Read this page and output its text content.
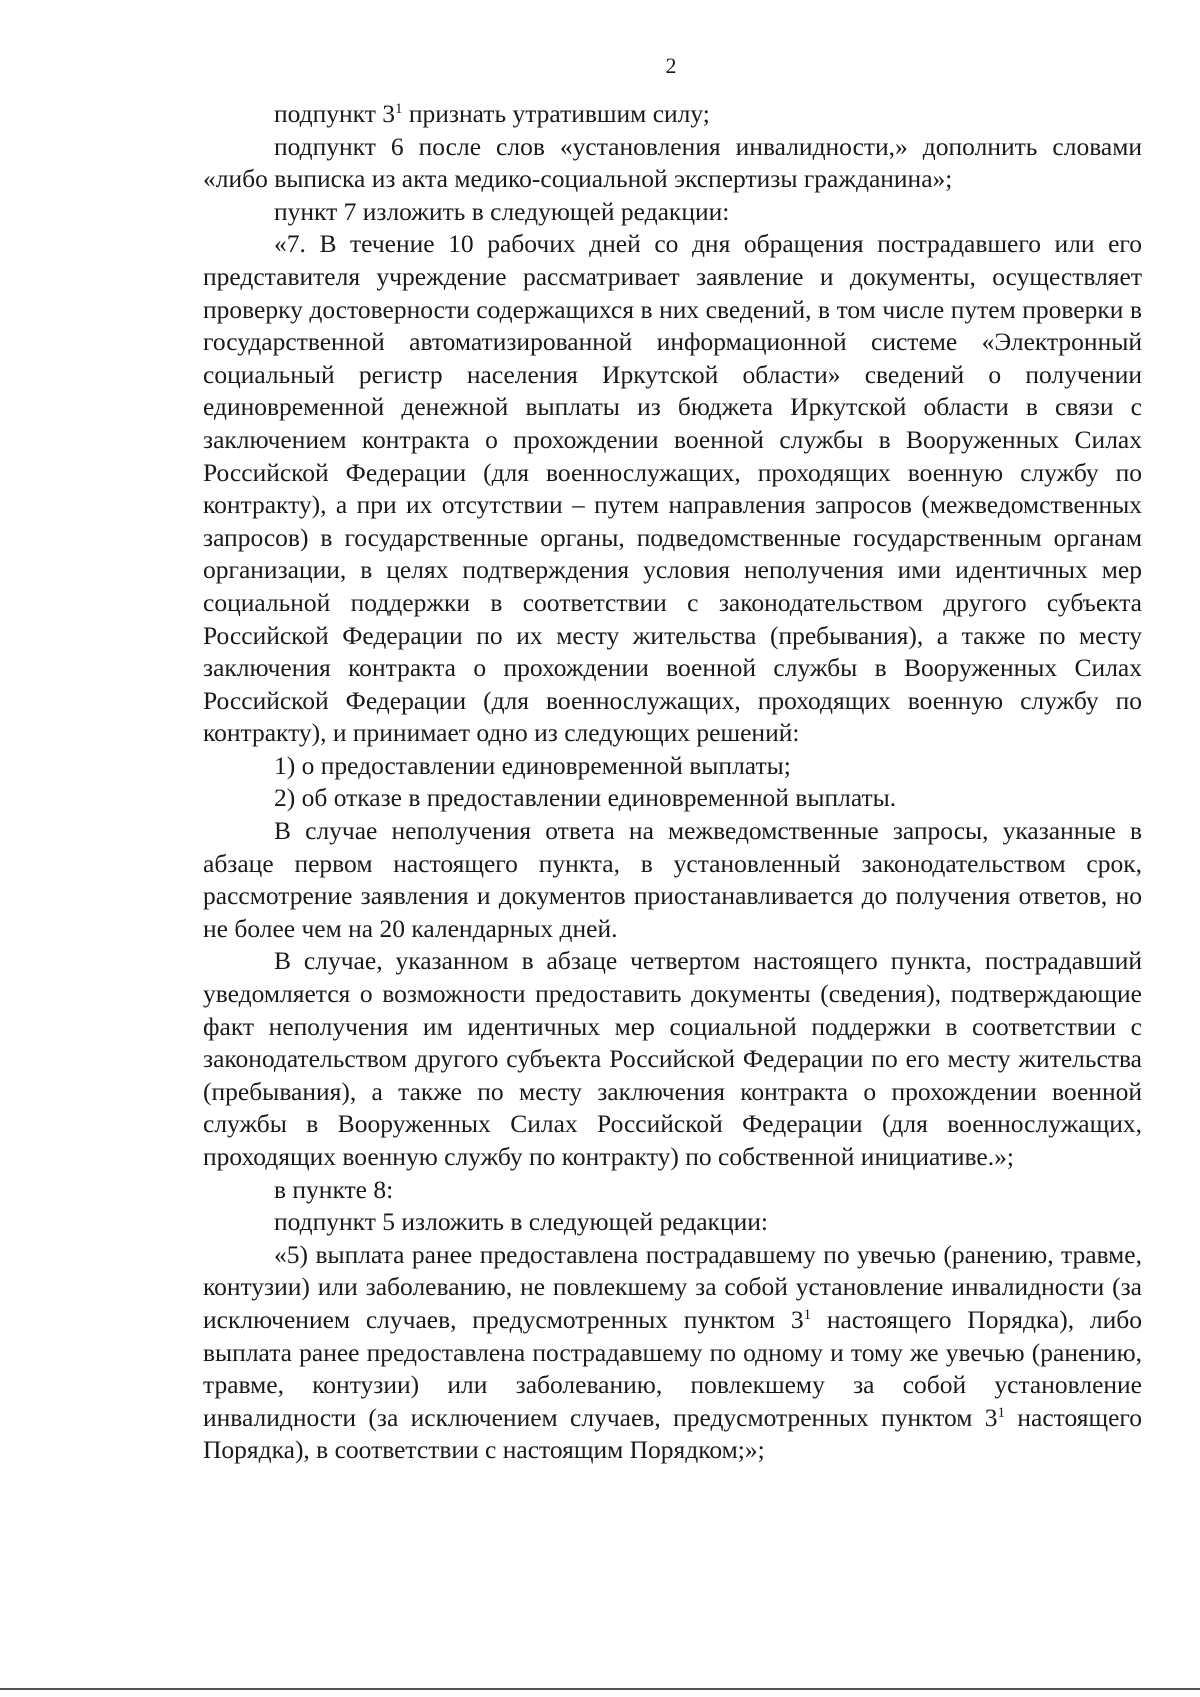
2

подпункт $3^1$ признать утратившим силу;

подпункт 6 после слов «установления инвалидности,» дополнить словами «либо выписка из акта медико-социальной экспертизы гражданина»;

пункт 7 изложить в следующей редакции:

«7. В течение 10 рабочих дней со дня обращения пострадавшего или его представителя учреждение рассматривает заявление и документы, осуществляет проверку достоверности содержащихся в них сведений, в том числе путем проверки в государственной автоматизированной информационной системе «Электронный социальный регистр населения Иркутской области» сведений о получении единовременной денежной выплаты из бюджета Иркутской области в связи с заключением контракта о прохождении военной службы в Вооруженных Силах Российской Федерации (для военнослужащих, проходящих военную службу по контракту), а при их отсутствии – путем направления запросов (межведомственных запросов) в государственные органы, подведомственные государственным органам организации, в целях подтверждения условия неполучения ими идентичных мер социальной поддержки в соответствии с законодательством другого субъекта Российской Федерации по их месту жительства (пребывания), а также по месту заключения контракта о прохождении военной службы в Вооруженных Силах Российской Федерации (для военнослужащих, проходящих военную службу по контракту), и принимает одно из следующих решений:

1) о предоставлении единовременной выплаты;

2) об отказе в предоставлении единовременной выплаты.

В случае неполучения ответа на межведомственные запросы, указанные в абзаце первом настоящего пункта, в установленный законодательством срок, рассмотрение заявления и документов приостанавливается до получения ответов, но не более чем на 20 календарных дней.

В случае, указанном в абзаце четвертом настоящего пункта, пострадавший уведомляется о возможности предоставить документы (сведения), подтверждающие факт неполучения им идентичных мер социальной поддержки в соответствии с законодательством другого субъекта Российской Федерации по его месту жительства (пребывания), а также по месту заключения контракта о прохождении военной службы в Вооруженных Силах Российской Федерации (для военнослужащих, проходящих военную службу по контракту) по собственной инициативе.»;

в пункте 8:

подпункт 5 изложить в следующей редакции:

«5) выплата ранее предоставлена пострадавшему по увечью (ранению, травме, контузии) или заболеванию, не повлекшему за собой установление инвалидности (за исключением случаев, предусмотренных пунктом $3^1$ настоящего Порядка), либо выплата ранее предоставлена пострадавшему по одному и тому же увечью (ранению, травме, контузии) или заболеванию, повлекшему за собой установление инвалидности (за исключением случаев, предусмотренных пунктом $3^1$ настоящего Порядка), в соответствии с настоящим Порядком;»;
